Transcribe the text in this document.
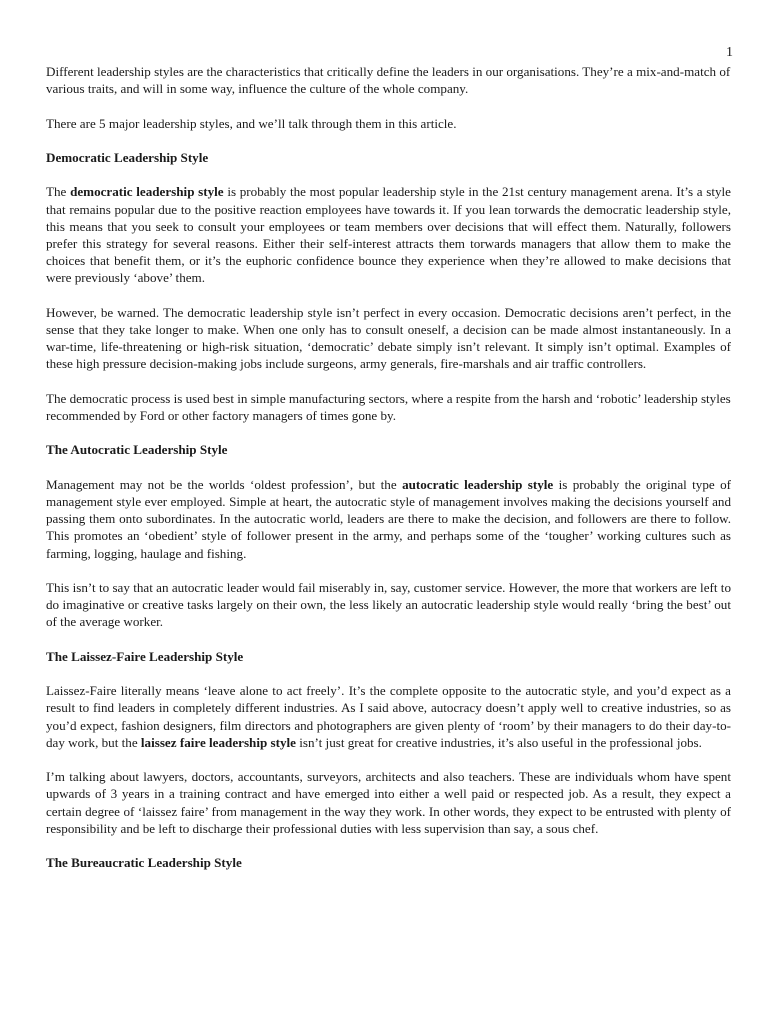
1

Different leadership styles are the characteristics that critically define the leaders in our organisations. They’re a mix-and-match of various traits, and will in some way, influence the culture of the whole company.

There are 5 major leadership styles, and we’ll talk through them in this article.

Democratic Leadership Style

The democratic leadership style is probably the most popular leadership style in the 21st century management arena. It’s a style that remains popular due to the positive reaction employees have towards it. If you lean torwards the democratic leadership style, this means that you seek to consult your employees or team members over decisions that will effect them. Naturally, followers prefer this strategy for several reasons. Either their self-interest attracts them torwards managers that allow them to make the choices that benefit them, or it’s the euphoric confidence bounce they experience when they’re allowed to make decisions that were previously ‘above’ them.

However, be warned. The democratic leadership style isn’t perfect in every occasion. Democratic decisions aren’t perfect, in the sense that they take longer to make. When one only has to consult oneself, a decision can be made almost instantaneously. In a war-time, life-threatening or high-risk situation, ‘democratic’ debate simply isn’t relevant. It simply isn’t optimal. Examples of these high pressure decision-making jobs include surgeons, army generals, fire-marshals and air traffic controllers.

The democratic process is used best in simple manufacturing sectors, where a respite from the harsh and ‘robotic’ leadership styles recommended by Ford or other factory managers of times gone by.

The Autocratic Leadership Style

Management may not be the worlds ‘oldest profession’, but the autocratic leadership style is probably the original type of management style ever employed. Simple at heart, the autocratic style of management involves making the decisions yourself and passing them onto subordinates. In the autocratic world, leaders are there to make the decision, and followers are there to follow. This promotes an ‘obedient’ style of follower present in the army, and perhaps some of the ‘tougher’ working cultures such as farming, logging, haulage and fishing.

This isn’t to say that an autocratic leader would fail miserably in, say, customer service. However, the more that workers are left to do imaginative or creative tasks largely on their own, the less likely an autocratic leadership style would really ‘bring the best’ out of the average worker.

The Laissez-Faire Leadership Style

Laissez-Faire literally means ‘leave alone to act freely’. It’s the complete opposite to the autocratic style, and you’d expect as a result to find leaders in completely different industries. As I said above, autocracy doesn’t apply well to creative industries, so as you’d expect, fashion designers, film directors and photographers are given plenty of ‘room’ by their managers to do their day-to-day work, but the laissez faire leadership style isn’t just great for creative industries, it’s also useful in the professional jobs.

I’m talking about lawyers, doctors, accountants, surveyors, architects and also teachers. These are individuals whom have spent upwards of 3 years in a training contract and have emerged into either a well paid or respected job. As a result, they expect a certain degree of ‘laissez faire’ from management in the way they work. In other words, they expect to be entrusted with plenty of responsibility and be left to discharge their professional duties with less supervision than say, a sous chef.

The Bureaucratic Leadership Style
